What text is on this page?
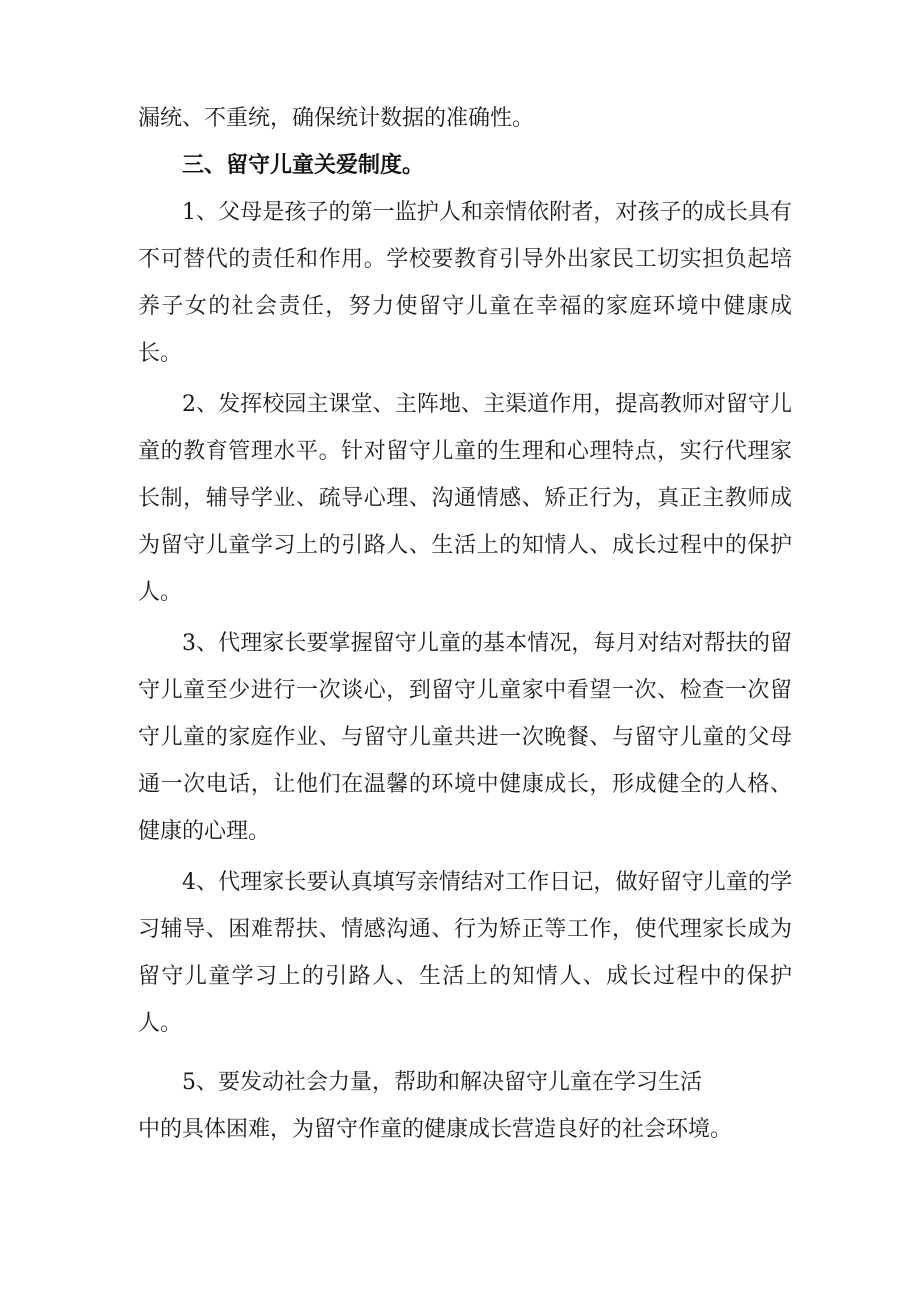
漏统、不重统，确保统计数据的准确性。

三、留守儿童关爱制度。

1、父母是孩子的第一监护人和亲情依附者，对孩子的成长具有不可替代的责任和作用。学校要教育引导外出家民工切实担负起培养子女的社会责任，努力使留守儿童在幸福的家庭环境中健康成长。

2、发挥校园主课堂、主阵地、主渠道作用，提高教师对留守儿童的教育管理水平。针对留守儿童的生理和心理特点，实行代理家长制，辅导学业、疏导心理、沟通情感、矫正行为，真正主教师成为留守儿童学习上的引路人、生活上的知情人、成长过程中的保护人。

3、代理家长要掌握留守儿童的基本情况，每月对结对帮扶的留守儿童至少进行一次谈心，到留守儿童家中看望一次、检查一次留守儿童的家庭作业、与留守儿童共进一次晚餐、与留守儿童的父母通一次电话，让他们在温馨的环境中健康成长，形成健全的人格、健康的心理。

4、代理家长要认真填写亲情结对工作日记，做好留守儿童的学习辅导、困难帮扶、情感沟通、行为矫正等工作，使代理家长成为留守儿童学习上的引路人、生活上的知情人、成长过程中的保护人。

5、要发动社会力量，帮助和解决留守儿童在学习生活

中的具体困难，为留守作童的健康成长营造良好的社会环境。
